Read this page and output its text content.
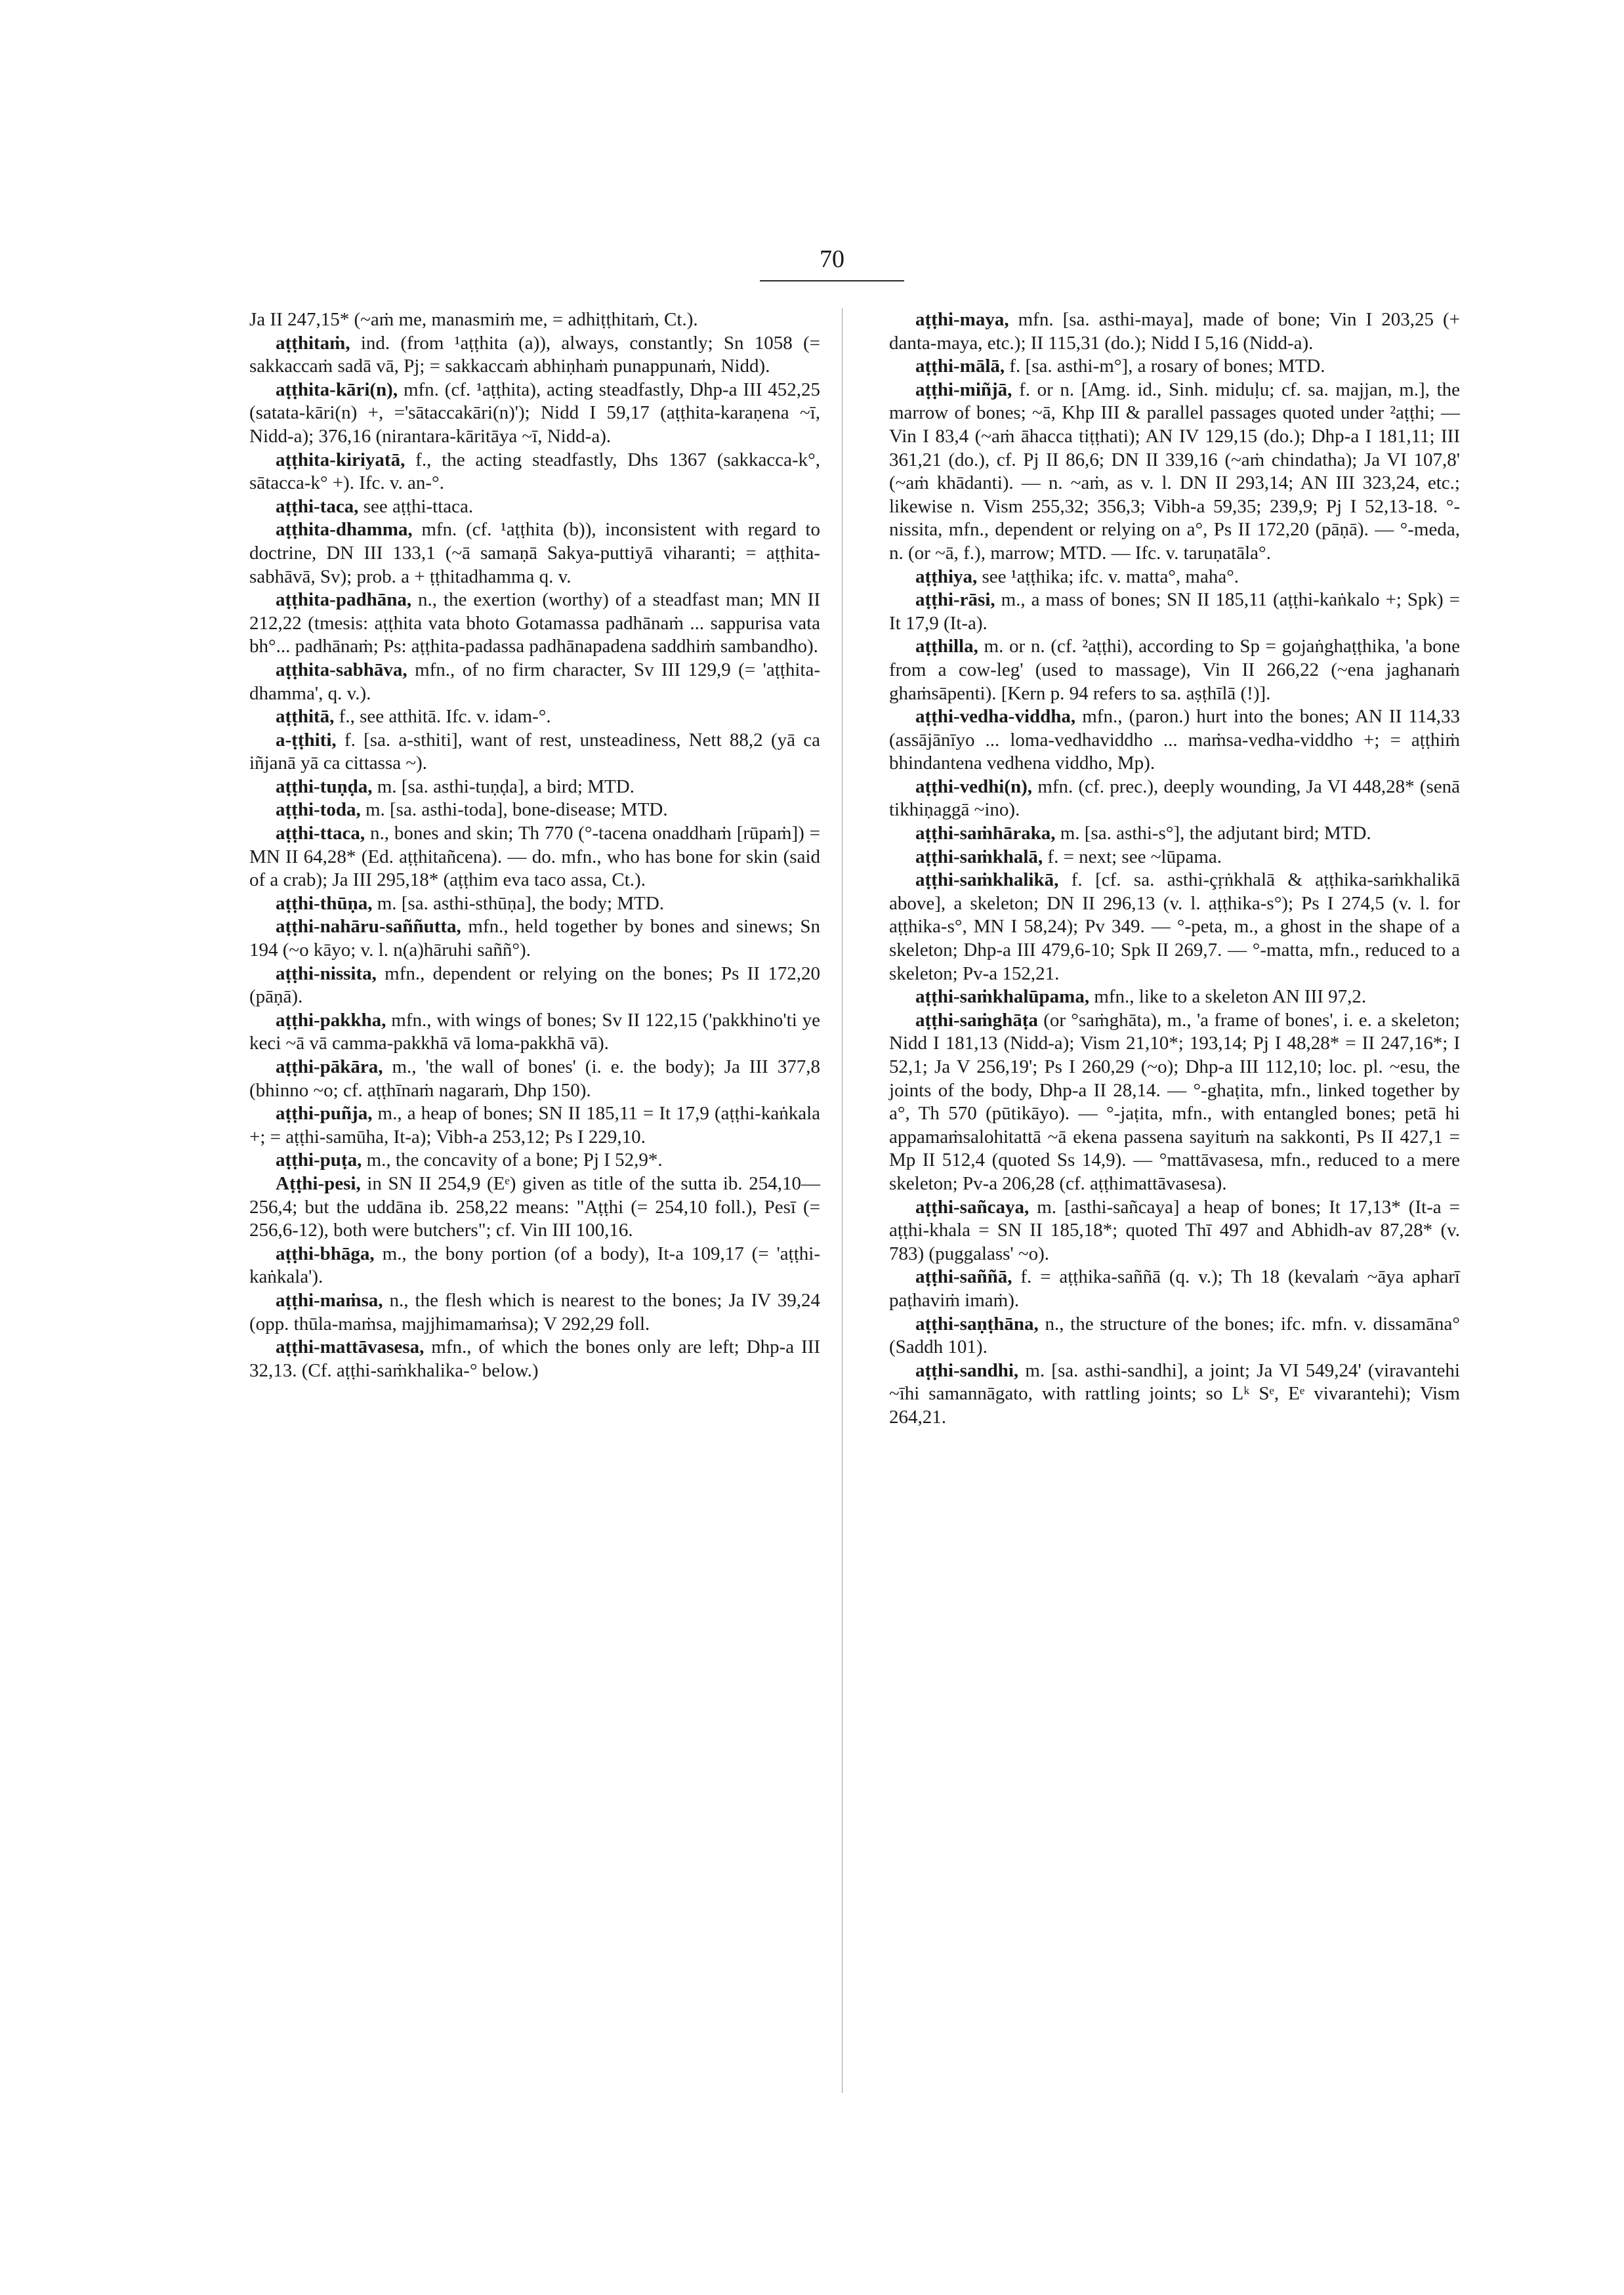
70

Ja II 247,15* (~aṁ me, manasmiṁ me, = adhiṭṭhitaṁ, Ct.).

aṭṭhitaṁ, ind. (from ¹aṭṭhita (a)), always, constantly; Sn 1058 (= sakkaccaṁ sadā vā, Pj; = sakkaccaṁ abhiṇhaṁ punappunaṁ, Nidd).

aṭṭhita-kāri(n), mfn. (cf. ¹aṭṭhita), acting steadfastly, Dhp-a III 452,25 (satata-kāri(n) +, ='sātaccakāri(n)'); Nidd I 59,17 (aṭṭhita-karaṇena ~ī, Nidd-a); 376,16 (nirantara-kāritāya ~ī, Nidd-a).

aṭṭhita-kiriyatā, f., the acting steadfastly, Dhs 1367 (sakkacca-k°, sātacca-k° +). Ifc. v. an-°.

aṭṭhi-taca, see aṭṭhi-ttaca.

aṭṭhita-dhamma, mfn. (cf. ¹aṭṭhita (b)), inconsistent with regard to doctrine, DN III 133,1 (~ā samaṇā Sakya-puttiyā viharanti; = aṭṭhita-sabhāvā, Sv); prob. a + ṭṭhitadhamma q. v.

aṭṭhita-padhāna, n., the exertion (worthy) of a steadfast man; MN II 212,22 (tmesis: aṭṭhita vata bhoto Gotamassa padhānaṁ ... sappurisa vata bh°... padhānaṁ; Ps: aṭṭhita-padassa padhānapadena saddhiṁ sambandho).

aṭṭhita-sabhāva, mfn., of no firm character, Sv III 129,9 (= 'aṭṭhita-dhamma', q. v.).

aṭṭhitā, f., see atthitā. Ifc. v. idam-°.

a-ṭṭhiti, f. [sa. a-sthiti], want of rest, unsteadiness, Nett 88,2 (yā ca iñjanā yā ca cittassa ~).

aṭṭhi-tuṇḍa, m. [sa. asthi-tuṇḍa], a bird; MTD.

aṭṭhi-toda, m. [sa. asthi-toda], bone-disease; MTD.

aṭṭhi-ttaca, n., bones and skin; Th 770 (°-tacena onaddhaṁ [rūpaṁ]) = MN II 64,28* (Ed. aṭṭhitañcena). — do. mfn., who has bone for skin (said of a crab); Ja III 295,18* (aṭṭhim eva taco assa, Ct.).

aṭṭhi-thūṇa, m. [sa. asthi-sthūṇa], the body; MTD.

aṭṭhi-nahāru-saññutta, mfn., held together by bones and sinews; Sn 194 (~o kāyo; v. l. n(a)hāruhi saññ°).

aṭṭhi-nissita, mfn., dependent or relying on the bones; Ps II 172,20 (pāṇā).

aṭṭhi-pakkha, mfn., with wings of bones; Sv II 122,15 ('pakkhino'ti ye keci ~ā vā camma-pakkhā vā loma-pakkhā vā).

aṭṭhi-pākāra, m., 'the wall of bones' (i. e. the body); Ja III 377,8 (bhinno ~o; cf. aṭṭhīnaṁ nagaraṁ, Dhp 150).

aṭṭhi-puñja, m., a heap of bones; SN II 185,11 = It 17,9 (aṭṭhi-kaṅkala +; = aṭṭhi-samūha, It-a); Vibh-a 253,12; Ps I 229,10.

aṭṭhi-puṭa, m., the concavity of a bone; Pj I 52,9*.

Aṭṭhi-pesi, in SN II 254,9 (Eᵉ) given as title of the sutta ib. 254,10—256,4; but the uddāna ib. 258,22 means: "Aṭṭhi (= 254,10 foll.), Pesī (= 256,6-12), both were butchers"; cf. Vin III 100,16.

aṭṭhi-bhāga, m., the bony portion (of a body), It-a 109,17 (= 'aṭṭhi-kaṅkala').

aṭṭhi-maṁsa, n., the flesh which is nearest to the bones; Ja IV 39,24 (opp. thūla-maṁsa, majjhimamaṁsa); V 292,29 foll.

aṭṭhi-mattāvasesa, mfn., of which the bones only are left; Dhp-a III 32,13. (Cf. aṭṭhi-saṁkhalika-° below.)

aṭṭhi-maya, mfn. [sa. asthi-maya], made of bone; Vin I 203,25 (+ danta-maya, etc.); II 115,31 (do.); Nidd I 5,16 (Nidd-a).

aṭṭhi-mālā, f. [sa. asthi-m°], a rosary of bones; MTD.

aṭṭhi-miñjā, f. or n. [Amg. id., Sinh. miduḷu; cf. sa. majjan, m.], the marrow of bones; ~ā, Khp III & parallel passages quoted under ²aṭṭhi; — Vin I 83,4 (~aṁ āhacca tiṭṭhati); AN IV 129,15 (do.); Dhp-a I 181,11; III 361,21 (do.), cf. Pj II 86,6; DN II 339,16 (~aṁ chindatha); Ja VI 107,8' (~aṁ khādanti). — n. ~aṁ, as v. l. DN II 293,14; AN III 323,24, etc.; likewise n. Vism 255,32; 356,3; Vibh-a 59,35; 239,9; Pj I 52,13-18. °-nissita, mfn., dependent or relying on a°, Ps II 172,20 (pāṇā). — °-meda, n. (or ~ā, f.), marrow; MTD. — Ifc. v. taruṇatāla°.

aṭṭhiya, see ¹aṭṭhika; ifc. v. matta°, maha°.

aṭṭhi-rāsi, m., a mass of bones; SN II 185,11 (aṭṭhi-kaṅkalo +; Spk) = It 17,9 (It-a).

aṭṭhilla, m. or n. (cf. ²aṭṭhi), according to Sp = gojaṅghaṭṭhika, 'a bone from a cow-leg' (used to massage), Vin II 266,22 (~ena jaghanaṁ ghaṁsāpenti). [Kern p. 94 refers to sa. aṣṭhīlā (!)].

aṭṭhi-vedha-viddha, mfn., (paron.) hurt into the bones; AN II 114,33 (assājānīyo ... loma-vedhaviddho ... maṁsa-vedha-viddho +; = aṭṭhiṁ bhindantena vedhena viddho, Mp).

aṭṭhi-vedhi(n), mfn. (cf. prec.), deeply wounding, Ja VI 448,28* (senā tikhiṇaggā ~ino).

aṭṭhi-saṁhāraka, m. [sa. asthi-s°], the adjutant bird; MTD.

aṭṭhi-saṁkhalā, f. = next; see ~lūpama.

aṭṭhi-saṁkhalikā, f. [cf. sa. asthi-çṛṅkhalā & aṭṭhika-saṁkhalikā above], a skeleton; DN II 296,13 (v. l. aṭṭhika-s°); Ps I 274,5 (v. l. for aṭṭhika-s°, MN I 58,24); Pv 349. — °-peta, m., a ghost in the shape of a skeleton; Dhp-a III 479,6-10; Spk II 269,7. — °-matta, mfn., reduced to a skeleton; Pv-a 152,21.

aṭṭhi-saṁkhalūpama, mfn., like to a skeleton AN III 97,2.

aṭṭhi-saṁghāṭa (or °saṁghāta), m., 'a frame of bones', i. e. a skeleton; Nidd I 181,13 (Nidd-a); Vism 21,10*; 193,14; Pj I 48,28* = II 247,16*; I 52,1; Ja V 256,19'; Ps I 260,29 (~o); Dhp-a III 112,10; loc. pl. ~esu, the joints of the body, Dhp-a II 28,14. — °-ghaṭita, mfn., linked together by a°, Th 570 (pūtikāyo). — °-jaṭita, mfn., with entangled bones; petā hi appamaṁsalohitattā ~ā ekena passena sayituṁ na sakkonti, Ps II 427,1 = Mp II 512,4 (quoted Ss 14,9). — °mattāvasesa, mfn., reduced to a mere skeleton; Pv-a 206,28 (cf. aṭṭhimattāvasesa).

aṭṭhi-sañcaya, m. [asthi-sañcaya] a heap of bones; It 17,13* (It-a = aṭṭhi-khala = SN II 185,18*; quoted Thī 497 and Abhidh-av 87,28* (v. 783) (puggalass' ~o).

aṭṭhi-saññā, f. = aṭṭhika-saññā (q. v.); Th 18 (kevalaṁ ~āya apharī paṭhaviṁ imaṁ).

aṭṭhi-saṇṭhāna, n., the structure of the bones; ifc. mfn. v. dissamāna° (Saddh 101).

aṭṭhi-sandhi, m. [sa. asthi-sandhi], a joint; Ja VI 549,24' (viravantehi ~īhi samannāgato, with rattling joints; so Lᵏ Sᵉ, Eᵉ vivarantehi); Vism 264,21.
